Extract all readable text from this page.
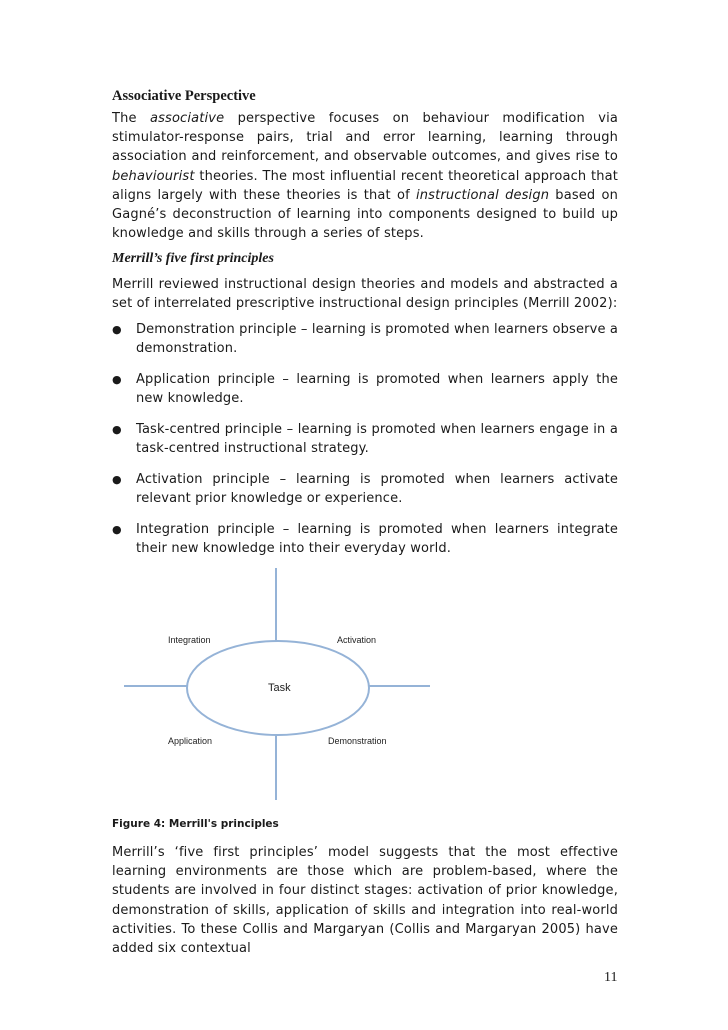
Associative Perspective

The associative perspective focuses on behaviour modification via stimulator-response pairs, trial and error learning, learning through association and reinforcement, and observable outcomes, and gives rise to behaviourist theories. The most influential recent theoretical approach that aligns largely with these theories is that of instructional design based on Gagné’s deconstruction of learning into components designed to build up knowledge and skills through a series of steps.

Merrill’s five first principles

Merrill reviewed instructional design theories and models and abstracted a set of interrelated prescriptive instructional design principles (Merrill 2002):

● Demonstration principle – learning is promoted when learners observe a demonstration.
● Application principle – learning is promoted when learners apply the new knowledge.
● Task-centred principle – learning is promoted when learners engage in a task-centred instructional strategy.
● Activation principle – learning is promoted when learners activate relevant prior knowledge or experience.
● Integration principle – learning is promoted when learners integrate their new knowledge into their everyday world.
Task
Integration	Activation
Application	Demonstration

Figure 4: Merrill's principles

Merrill’s ‘five first principles’ model suggests that the most effective learning environments are those which are problem-based, where the students are involved in four distinct stages: activation of prior knowledge, demonstration of skills, application of skills and integration into real-world activities. To these Collis and Margaryan (Collis and Margaryan 2005) have added six contextual

11
